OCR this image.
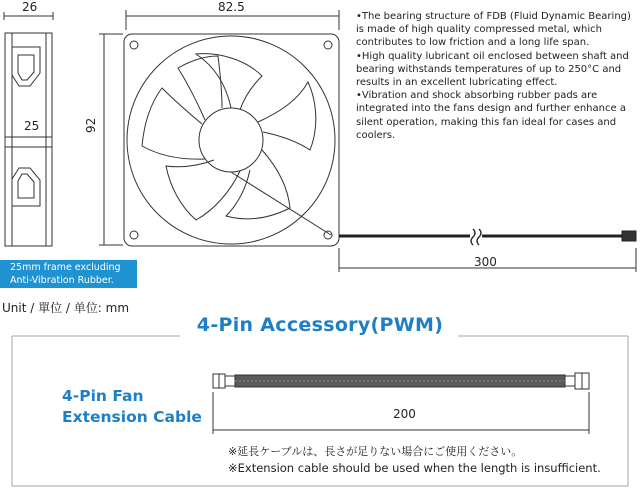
26	82.5
92
25
300
200
•The bearing structure of FDB (Fluid Dynamic Bearing) is made of high quality compressed metal, which contributes to low friction and a long life span.
•High quality lubricant oil enclosed between shaft and bearing withstands temperatures of up to 250°C and results in an excellent lubricating effect.
•Vibration and shock absorbing rubber pads are integrated into the fans design and further enhance a silent operation, making this fan ideal for cases and coolers.
25mm frame excluding
Anti-Vibration Rubber.
Unit / 單位 / 单位: mm
4-Pin Accessory(PWM)
4-Pin Fan
Extension Cable
※延長ケーブルは、長さが足りない場合にご使用ください。
※Extension cable should be used when the length is insufficient.
